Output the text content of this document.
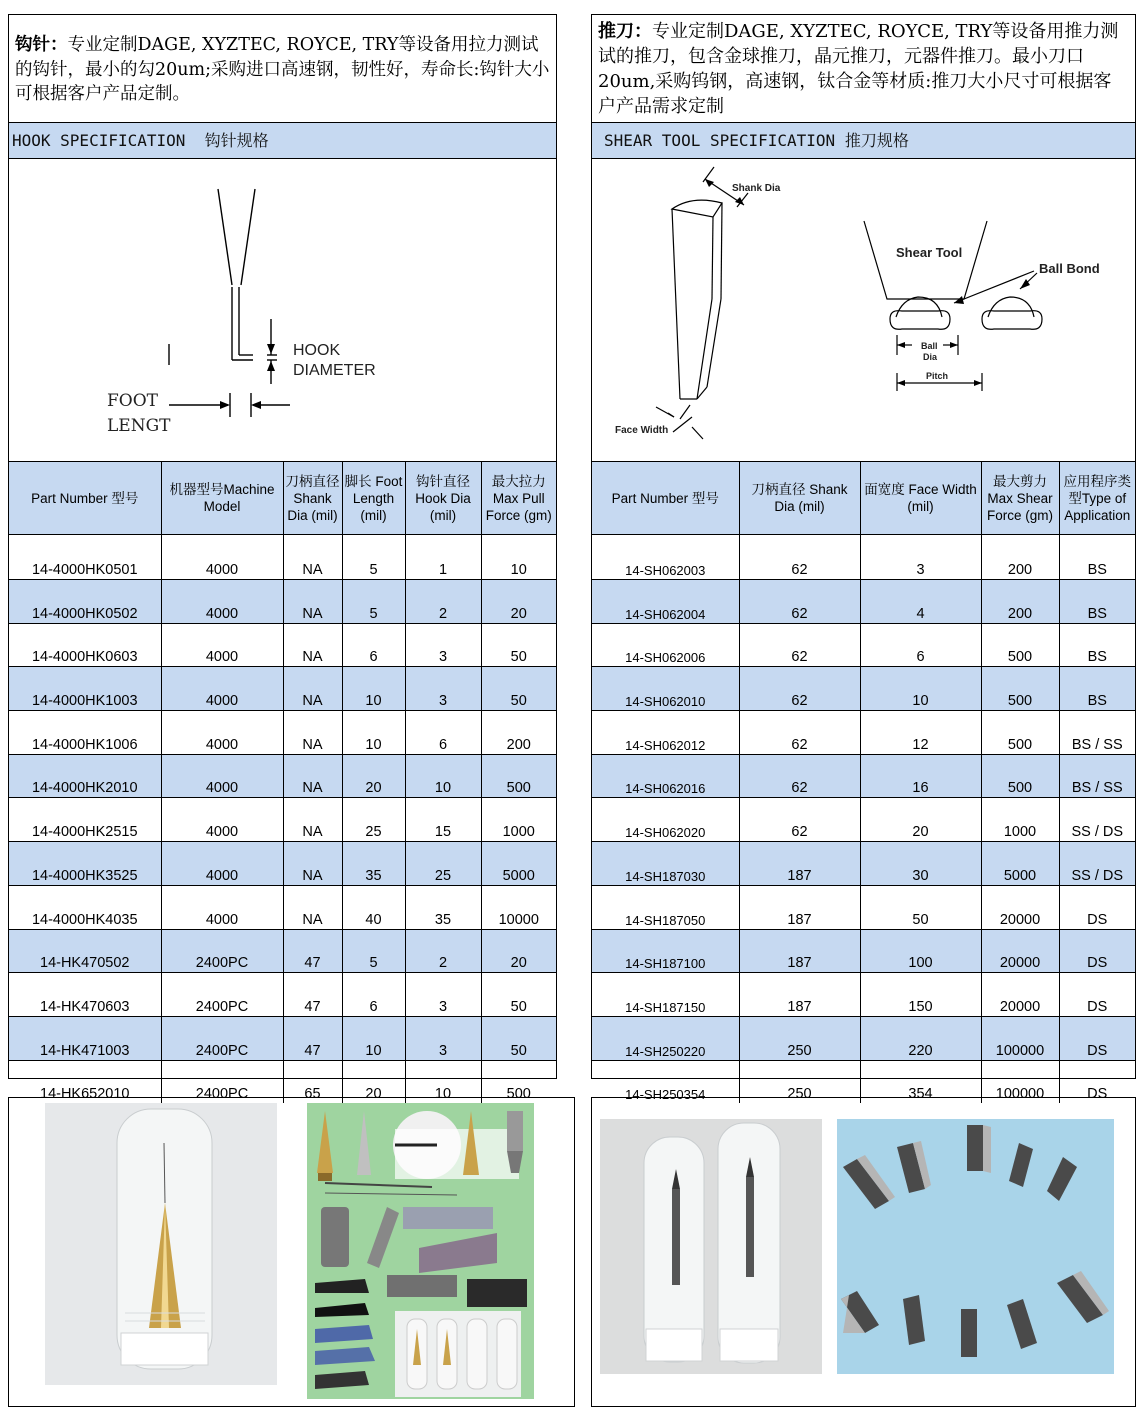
钩针：专业定制DAGE, XYZTEC, ROYCE, TRY等设备用拉力测试的钩针，最小的勾20um;采购进口高速钢，韧性好，寿命长:钩针大小可根据客户产品定制。
HOOK SPECIFICATION  钩针规格
HOOK
DIAMETER
FOOT
LENGT
Part Number 型号	机器型号Machine Model	刀柄直径Shank Dia (mil)	脚长 Foot Length (mil)	钩针直径 Hook Dia (mil)	最大拉力 Max Pull Force (gm)
14-4000HK0501	4000	NA	5	1	10
14-4000HK0502	4000	NA	5	2	20
14-4000HK0603	4000	NA	6	3	50
14-4000HK1003	4000	NA	10	3	50
14-4000HK1006	4000	NA	10	6	200
14-4000HK2010	4000	NA	20	10	500
14-4000HK2515	4000	NA	25	15	1000
14-4000HK3525	4000	NA	35	25	5000
14-4000HK4035	4000	NA	40	35	10000
14-HK470502	2400PC	47	5	2	20
14-HK470603	2400PC	47	6	3	50
14-HK471003	2400PC	47	10	3	50
14-HK652010	2400PC	65	20	10	500
推刀：专业定制DAGE, XYZTEC, ROYCE, TRY等设备用推力测试的推刀，包含金球推刀，晶元推刀，元器件推刀。最小刀口20um,采购钨钢，高速钢，钛合金等材质:推刀大小尺寸可根据客户产品需求定制
SHEAR TOOL SPECIFICATION 推刀规格
Shank Dia
Face Width
Shear Tool
Ball Bond
Ball
Dia
Pitch
Part Number 型号	刀柄直径 Shank Dia (mil)	面宽度 Face Width (mil)	最大剪力 Max Shear Force (gm)	应用程序类型Type of Application
14-SH062003	62	3	200	BS
14-SH062004	62	4	200	BS
14-SH062006	62	6	500	BS
14-SH062010	62	10	500	BS
14-SH062012	62	12	500	BS / SS
14-SH062016	62	16	500	BS / SS
14-SH062020	62	20	1000	SS / DS
14-SH187030	187	30	5000	SS / DS
14-SH187050	187	50	20000	DS
14-SH187100	187	100	20000	DS
14-SH187150	187	150	20000	DS
14-SH250220	250	220	100000	DS
14-SH250354	250	354	100000	DS
